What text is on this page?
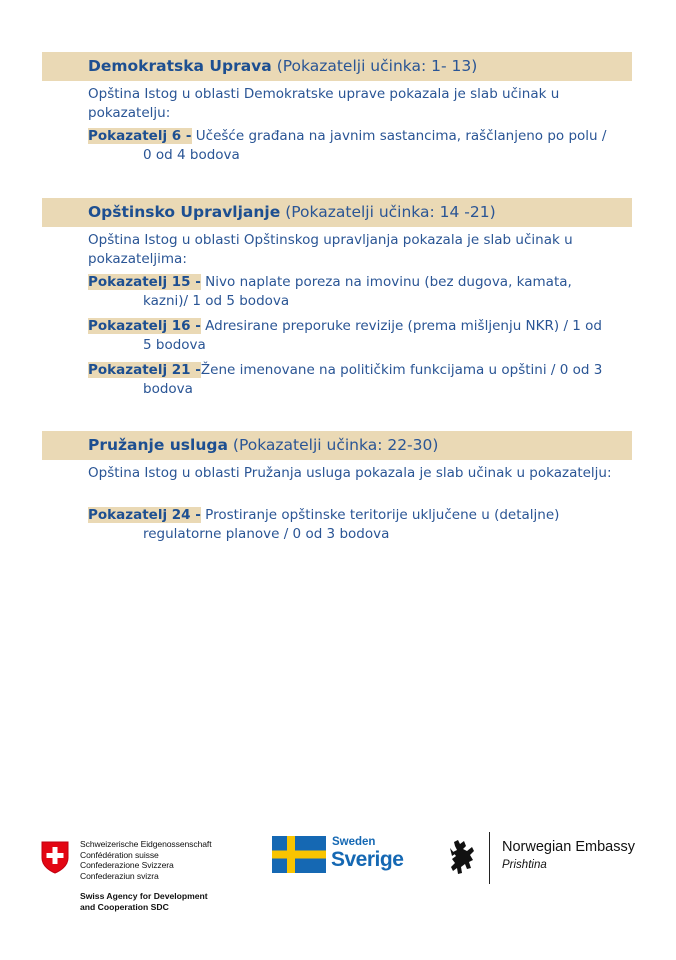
Demokratska Uprava (Pokazatelji učinka: 1- 13)
Opština Istog u oblasti Demokratske uprave pokazala je slab učinak u pokazatelju:
Pokazatelj 6 - Učešće građana na javnim sastancima, raščlanjeno po polu /
0 od 4 bodova
Opštinsko Upravljanje (Pokazatelji učinka: 14 -21)
Opština Istog u oblasti Opštinskog upravljanja pokazala je slab učinak u pokazateljima:
Pokazatelj 15 - Nivo naplate poreza na imovinu (bez dugova, kamata,
kazni)/ 1 od 5 bodova
Pokazatelj 16 - Adresirane preporuke revizije (prema mišljenju NKR) / 1 od
5 bodova
Pokazatelj 21 -Žene imenovane na političkim funkcijama u opštini / 0 od 3
bodova
Pružanje usluga (Pokazatelji učinka: 22-30)
Opština Istog u oblasti Pružanja usluga pokazala je slab učinak u pokazatelju:
Pokazatelj 24 - Prostiranje opštinske teritorije uključene u (detaljne)
regulatorne planove / 0 od 3 bodova
Schweizerische Eidgenossenschaft
Confédération suisse
Confederazione Svizzera
Confederaziun svizra
Swiss Agency for Development
and Cooperation SDC
Sweden
Sverige
Norwegian Embassy
Prishtina
